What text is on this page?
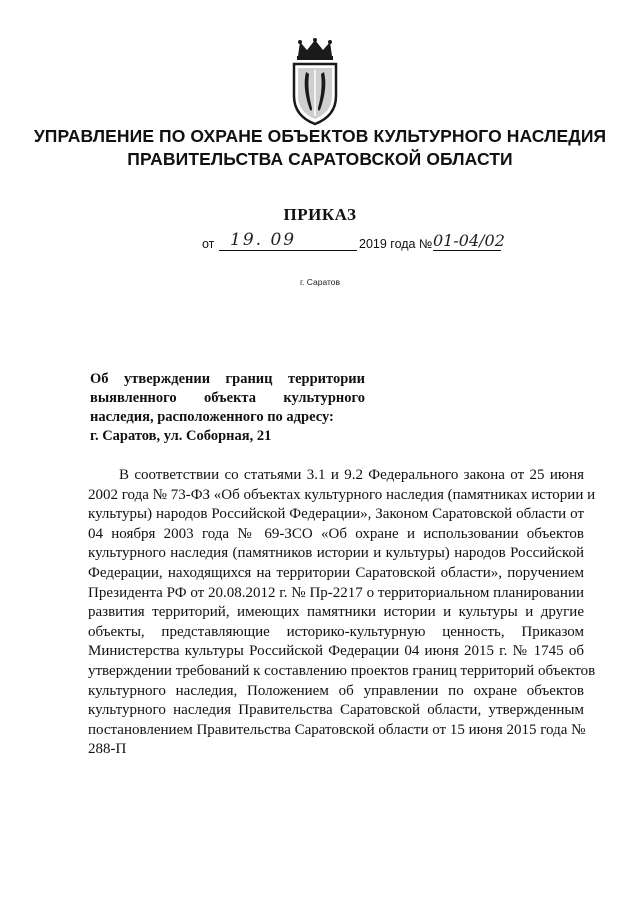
УПРАВЛЕНИЕ ПО ОХРАНЕ ОБЪЕКТОВ КУЛЬТУРНОГО НАСЛЕДИЯ
ПРАВИТЕЛЬСТВА САРАТОВСКОЙ ОБЛАСТИ
ПРИКАЗ
от 19. 09	2019 года № 01-04/02
г. Саратов
Об утверждении границ территории
выявленного объекта культурного
наследия, расположенного по адресу:
г. Саратов, ул. Соборная, 21
В соответствии со статьями 3.1 и 9.2 Федерального закона от 25 июня
2002 года № 73-ФЗ «Об объектах культурного наследия (памятниках истории и
культуры) народов Российской Федерации», Законом Саратовской области от
04 ноября 2003 года № 69-ЗСО «Об охране и использовании объектов
культурного наследия (памятников истории и культуры) народов Российской
Федерации, находящихся на территории Саратовской области», поручением
Президента РФ от 20.08.2012 г. № Пр-2217 о территориальном планировании
развития территорий, имеющих памятники истории и культуры и другие
объекты, представляющие историко-культурную ценность, Приказом
Министерства культуры Российской Федерации 04 июня 2015 г. № 1745 об
утверждении требований к составлению проектов границ территорий объектов
культурного наследия, Положением об управлении по охране объектов
культурного наследия Правительства Саратовской области, утвержденным
постановлением Правительства Саратовской области от 15 июня 2015 года №
288-П
